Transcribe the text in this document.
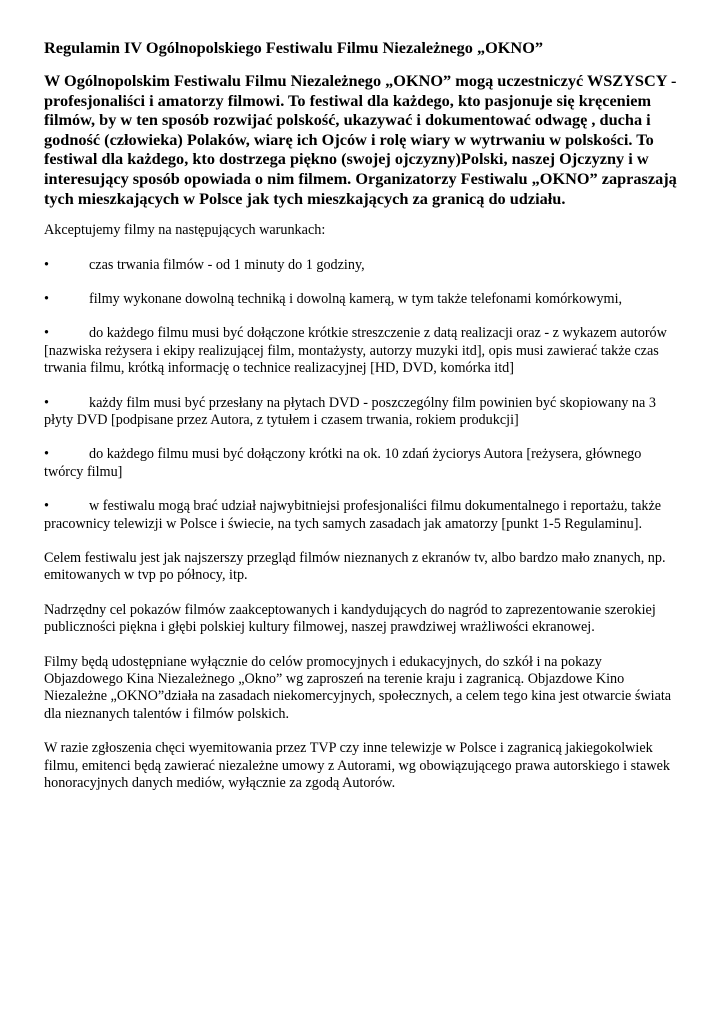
Regulamin IV Ogólnopolskiego Festiwalu Filmu Niezależnego „OKNO”
W Ogólnopolskim Festiwalu Filmu Niezależnego „OKNO” mogą uczestniczyć WSZYSCY - profesjonaliści i amatorzy filmowi. To festiwal dla każdego, kto pasjonuje się kręceniem filmów, by w ten sposób rozwijać polskość, ukazywać i dokumentować odwagę , ducha i godność (człowieka) Polaków, wiarę ich Ojców i rolę wiary w wytrwaniu w polskości. To festiwal dla każdego, kto dostrzega piękno (swojej ojczyzny)Polski, naszej Ojczyzny i w interesujący sposób opowiada o nim filmem. Organizatorzy Festiwalu „OKNO” zapraszają tych mieszkających w Polsce jak tych mieszkających za granicą do udziału.
Akceptujemy filmy na następujących warunkach:
•	czas trwania filmów - od 1 minuty do 1 godziny,
•	filmy wykonane dowolną techniką i dowolną kamerą, w tym także telefonami komórkowymi,
•	do każdego filmu musi być dołączone krótkie streszczenie z datą realizacji oraz - z wykazem autorów [nazwiska reżysera i ekipy realizującej film, montażysty, autorzy muzyki itd], opis musi zawierać także czas trwania filmu, krótką informację o technice realizacyjnej [HD, DVD, komórka itd]
•	każdy film musi być przesłany na płytach DVD - poszczególny film powinien być skopiowany na 3 płyty DVD [podpisane przez Autora, z tytułem i czasem trwania, rokiem produkcji]
•	do każdego filmu musi być dołączony krótki na ok. 10 zdań życiorys Autora [reżysera, głównego twórcy filmu]
•	w festiwalu mogą brać udział najwybitniejsi profesjonaliści filmu dokumentalnego i reportażu, także pracownicy telewizji w Polsce i świecie, na tych samych zasadach jak amatorzy [punkt 1-5 Regulaminu].
Celem festiwalu jest jak najszerszy przegląd filmów nieznanych z ekranów tv, albo bardzo mało znanych, np. emitowanych w tvp po północy, itp.
Nadrzędny cel pokazów filmów zaakceptowanych i kandydujących do nagród to zaprezentowanie szerokiej publiczności piękna i głębi polskiej kultury filmowej, naszej prawdziwej wrażliwości ekranowej.
Filmy będą udostępniane wyłącznie do celów promocyjnych i edukacyjnych, do szkół i na pokazy Objazdowego Kina Niezależnego „Okno” wg zaproszeń na terenie kraju i zagranicą. Objazdowe Kino Niezależne „OKNO”działa na zasadach niekomercyjnych, społecznych, a celem tego kina jest otwarcie świata dla nieznanych talentów i filmów polskich.
W razie zgłoszenia chęci wyemitowania przez TVP czy inne telewizje w Polsce i zagranicą jakiegokolwiek filmu, emitenci będą zawierać niezależne umowy z Autorami, wg obowiązującego prawa autorskiego i stawek honoracyjnych danych mediów, wyłącznie za zgodą Autorów.
